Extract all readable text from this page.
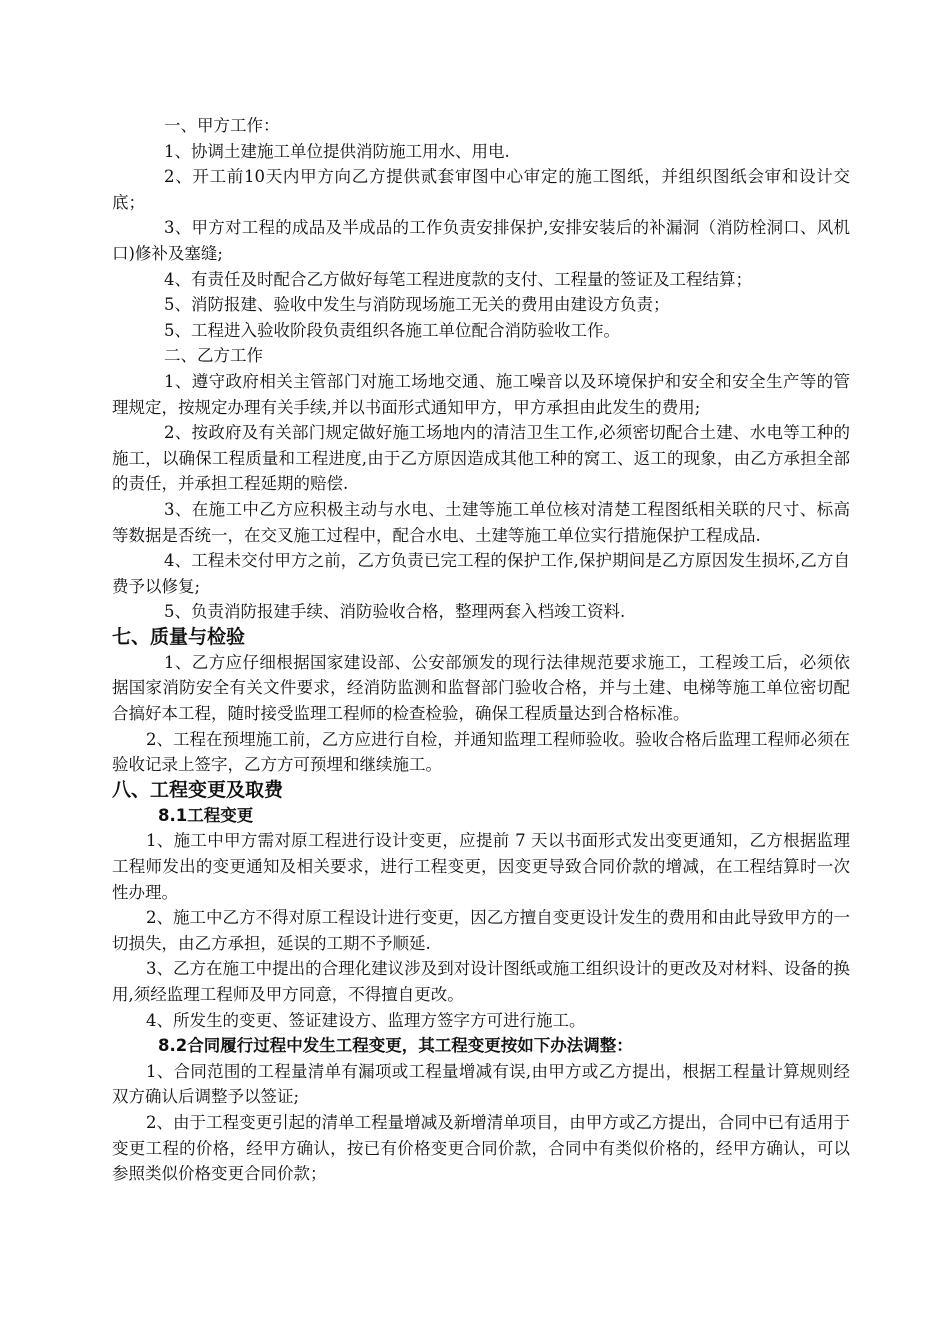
一、甲方工作：

1、协调土建施工单位提供消防施工用水、用电.

2、开工前10天内甲方向乙方提供贰套审图中心审定的施工图纸，并组织图纸会审和设计交底；

3、甲方对工程的成品及半成品的工作负责安排保护,安排安装后的补漏洞（消防栓洞口、风机口)修补及塞缝;

4、有责任及时配合乙方做好每笔工程进度款的支付、工程量的签证及工程结算；

5、消防报建、验收中发生与消防现场施工无关的费用由建设方负责；

5、工程进入验收阶段负责组织各施工单位配合消防验收工作。

二、乙方工作

1、遵守政府相关主管部门对施工场地交通、施工噪音以及环境保护和安全和安全生产等的管理规定，按规定办理有关手续,并以书面形式通知甲方，甲方承担由此发生的费用;

2、按政府及有关部门规定做好施工场地内的清洁卫生工作,必须密切配合土建、水电等工种的施工，以确保工程质量和工程进度,由于乙方原因造成其他工种的窝工、返工的现象，由乙方承担全部的责任，并承担工程延期的赔偿.

3、在施工中乙方应积极主动与水电、土建等施工单位核对清楚工程图纸相关联的尺寸、标高等数据是否统一，在交叉施工过程中，配合水电、土建等施工单位实行措施保护工程成品.

4、工程未交付甲方之前，乙方负责已完工程的保护工作,保护期间是乙方原因发生损坏,乙方自费予以修复;

5、负责消防报建手续、消防验收合格，整理两套入档竣工资料.

七、质量与检验

1、乙方应仔细根据国家建设部、公安部颁发的现行法律规范要求施工，工程竣工后，必须依据国家消防安全有关文件要求，经消防监测和监督部门验收合格，并与土建、电梯等施工单位密切配合搞好本工程，随时接受监理工程师的检查检验，确保工程质量达到合格标准。

2、工程在预埋施工前，乙方应进行自检，并通知监理工程师验收。验收合格后监理工程师必须在验收记录上签字，乙方方可预埋和继续施工。

八、工程变更及取费
8.1工程变更

1、施工中甲方需对原工程进行设计变更，应提前 7 天以书面形式发出变更通知，乙方根据监理工程师发出的变更通知及相关要求，进行工程变更，因变更导致合同价款的增减，在工程结算时一次性办理。

2、施工中乙方不得对原工程设计进行变更，因乙方擅自变更设计发生的费用和由此导致甲方的一切损失，由乙方承担，延误的工期不予顺延.

3、乙方在施工中提出的合理化建议涉及到对设计图纸或施工组织设计的更改及对材料、设备的换用,须经监理工程师及甲方同意，不得擅自更改。

4、所发生的变更、签证建设方、监理方签字方可进行施工。

8.2合同履行过程中发生工程变更，其工程变更按如下办法调整：

1、合同范围的工程量清单有漏项或工程量增减有误,由甲方或乙方提出，根据工程量计算规则经双方确认后调整予以签证;

2、由于工程变更引起的清单工程量增减及新增清单项目，由甲方或乙方提出，合同中已有适用于变更工程的价格，经甲方确认，按已有价格变更合同价款，合同中有类似价格的，经甲方确认，可以参照类似价格变更合同价款；
